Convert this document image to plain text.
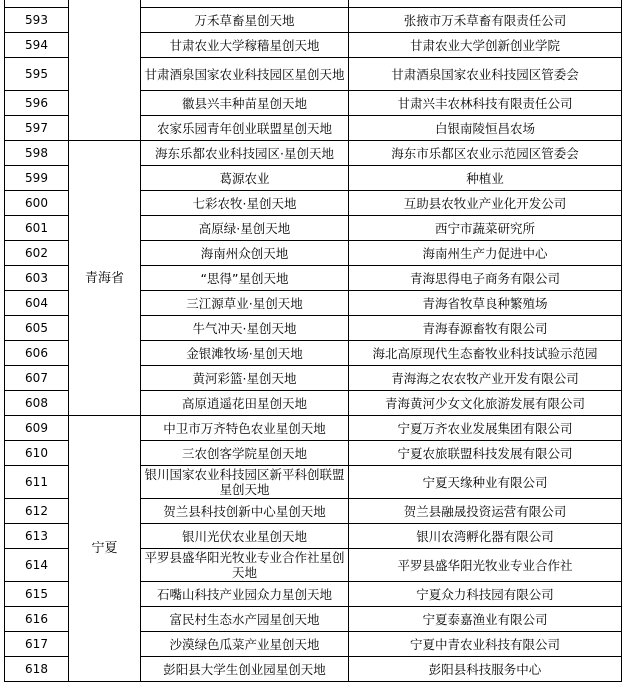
593		万禾草畜星创天地	张掖市万禾草畜有限责任公司
594		甘肃农业大学稼穑星创天地	甘肃农业大学创新创业学院
595		甘肃酒泉国家农业科技园区星创天地	甘肃酒泉国家农业科技园区管委会
596		徽县兴丰种苗星创天地	甘肃兴丰农林科技有限责任公司
597		农家乐园青年创业联盟星创天地	白银南陵恒昌农场
598	青海省	海东乐都农业科技园区·星创天地	海东市乐都区农业示范园区管委会
599		葛源农业	种植业
600		七彩农牧·星创天地	互助县农牧业产业化开发公司
601		高原绿·星创天地	西宁市蔬菜研究所
602		海南州众创天地	海南州生产力促进中心
603		“思得”星创天地	青海思得电子商务有限公司
604		三江源草业·星创天地	青海省牧草良种繁殖场
605		牛气冲天·星创天地	青海春源畜牧有限公司
606		金银滩牧场·星创天地	海北高原现代生态畜牧业科技试验示范园
607		黄河彩篮·星创天地	青海海之农农牧产业开发有限公司
608		高原逍遥花田星创天地	青海黄河少女文化旅游发展有限公司
609	宁夏	中卫市万齐特色农业星创天地	宁夏万齐农业发展集团有限公司
610		三农创客学院星创天地	宁夏农旅联盟科技发展有限公司
611		银川国家农业科技园区新平科创联盟星创天地	宁夏天缘种业有限公司
612		贺兰县科技创新中心星创天地	贺兰县融晟投资运营有限公司
613		银川光伏农业星创天地	银川农湾孵化器有限公司
614		平罗县盛华阳光牧业专业合作社星创天地	平罗县盛华阳光牧业专业合作社
615		石嘴山科技产业园众力星创天地	宁夏众力科技园有限公司
616		富民村生态水产园星创天地	宁夏泰嘉渔业有限公司
617		沙漠绿色瓜菜产业星创天地	宁夏中青农业科技有限公司
618		彭阳县大学生创业园星创天地	彭阳县科技服务中心
